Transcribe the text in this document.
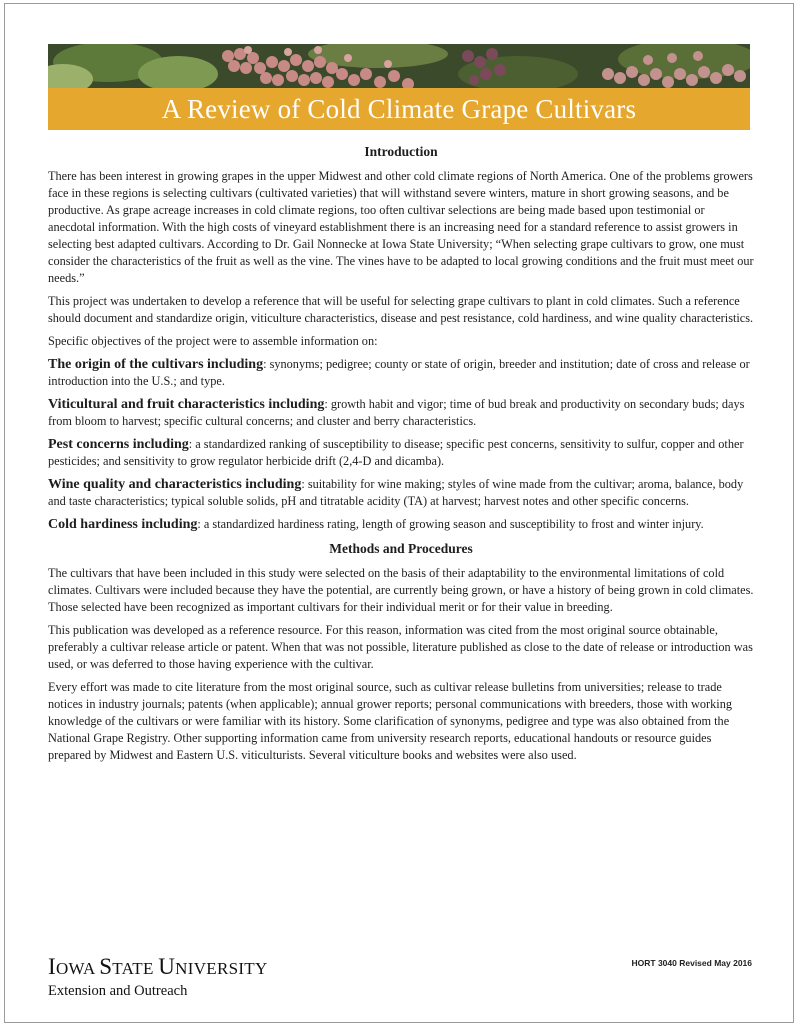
A Review of Cold Climate Grape Cultivars
Introduction

There has been interest in growing grapes in the upper Midwest and other cold climate regions of North America. One of the problems growers face in these regions is selecting cultivars (cultivated varieties) that will withstand severe winters, mature in short growing seasons, and be productive. As grape acreage increases in cold climate regions, too often cultivar selections are being made based upon testimonial or anecdotal information. With the high costs of vineyard establishment there is an increasing need for a standard reference to assist growers in selecting best adapted cultivars. According to Dr. Gail Nonnecke at Iowa State University; “When selecting grape cultivars to grow, one must consider the characteristics of the fruit as well as the vine. The vines have to be adapted to local growing conditions and the fruit must meet our needs.”

This project was undertaken to develop a reference that will be useful for selecting grape cultivars to plant in cold climates. Such a reference should document and standardize origin, viticulture characteristics, disease and pest resistance, cold hardiness, and wine quality characteristics.

Specific objectives of the project were to assemble information on:

The origin of the cultivars including: synonyms; pedigree; county or state of origin, breeder and institution; date of cross and release or introduction into the U.S.; and type.

Viticultural and fruit characteristics including: growth habit and vigor; time of bud break and productivity on secondary buds; days from bloom to harvest; specific cultural concerns; and cluster and berry characteristics.

Pest concerns including: a standardized ranking of susceptibility to disease; specific pest concerns, sensitivity to sulfur, copper and other pesticides; and sensitivity to grow regulator herbicide drift (2,4-D and dicamba).

Wine quality and characteristics including: suitability for wine making; styles of wine made from the cultivar; aroma, balance, body and taste characteristics; typical soluble solids, pH and titratable acidity (TA) at harvest; harvest notes and other specific concerns.

Cold hardiness including: a standardized hardiness rating, length of growing season and susceptibility to frost and winter injury.

Methods and Procedures

The cultivars that have been included in this study were selected on the basis of their adaptability to the environmental limitations of cold climates. Cultivars were included because they have the potential, are currently being grown, or have a history of being grown in cold climates. Those selected have been recognized as important cultivars for their individual merit or for their value in breeding.

This publication was developed as a reference resource. For this reason, information was cited from the most original source obtainable, preferably a cultivar release article or patent. When that was not possible, literature published as close to the date of release or introduction was used, or was deferred to those having experience with the cultivar.

Every effort was made to cite literature from the most original source, such as cultivar release bulletins from universities; release to trade notices in industry journals; patents (when applicable); annual grower reports; personal communications with breeders, those with working knowledge of the cultivars or were familiar with its history. Some clarification of synonyms, pedigree and type was also obtained from the National Grape Registry. Other supporting information came from university research reports, educational handouts or resource guides prepared by Midwest and Eastern U.S. viticulturists. Several viticulture books and websites were also used.

IOWA STATE UNIVERSITY
Extension and Outreach
HORT 3040 Revised May 2016
